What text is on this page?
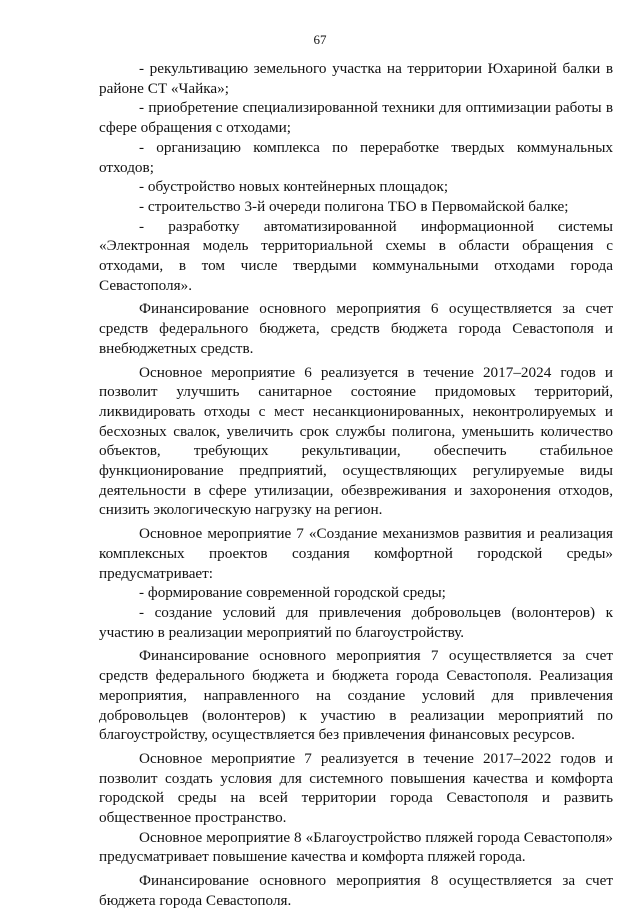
67

- рекультивацию земельного участка на территории Юхариной балки в районе СТ «Чайка»;

- приобретение специализированной техники для оптимизации работы в сфере обращения с отходами;

- организацию комплекса по переработке твердых коммунальных отходов;

- обустройство новых контейнерных площадок;

- строительство 3-й очереди полигона ТБО в Первомайской балке;

- разработку автоматизированной информационной системы «Электронная модель территориальной схемы в области обращения с отходами, в том числе твердыми коммунальными отходами города Севастополя».

Финансирование основного мероприятия 6 осуществляется за счет средств федерального бюджета, средств бюджета города Севастополя и внебюджетных средств.

Основное мероприятие 6 реализуется в течение 2017–2024 годов и позволит улучшить санитарное состояние придомовых территорий, ликвидировать отходы с мест несанкционированных, неконтролируемых и бесхозных свалок, увеличить срок службы полигона, уменьшить количество объектов, требующих рекультивации, обеспечить стабильное функционирование предприятий, осуществляющих регулируемые виды деятельности в сфере утилизации, обезвреживания и захоронения отходов, снизить экологическую нагрузку на регион.

Основное мероприятие 7 «Создание механизмов развития и реализация комплексных проектов создания комфортной городской среды» предусматривает:

- формирование современной городской среды;

- создание условий для привлечения добровольцев (волонтеров) к участию в реализации мероприятий по благоустройству.

Финансирование основного мероприятия 7 осуществляется за счет средств федерального бюджета и бюджета города Севастополя. Реализация мероприятия, направленного на создание условий для привлечения добровольцев (волонтеров) к участию в реализации мероприятий по благоустройству, осуществляется без привлечения финансовых ресурсов.

Основное мероприятие 7 реализуется в течение 2017–2022 годов и позволит создать условия для системного повышения качества и комфорта городской среды на всей территории города Севастополя и развить общественное пространство.

Основное мероприятие 8 «Благоустройство пляжей города Севастополя» предусматривает повышение качества и комфорта пляжей города.

Финансирование основного мероприятия 8 осуществляется за счет бюджета города Севастополя.
